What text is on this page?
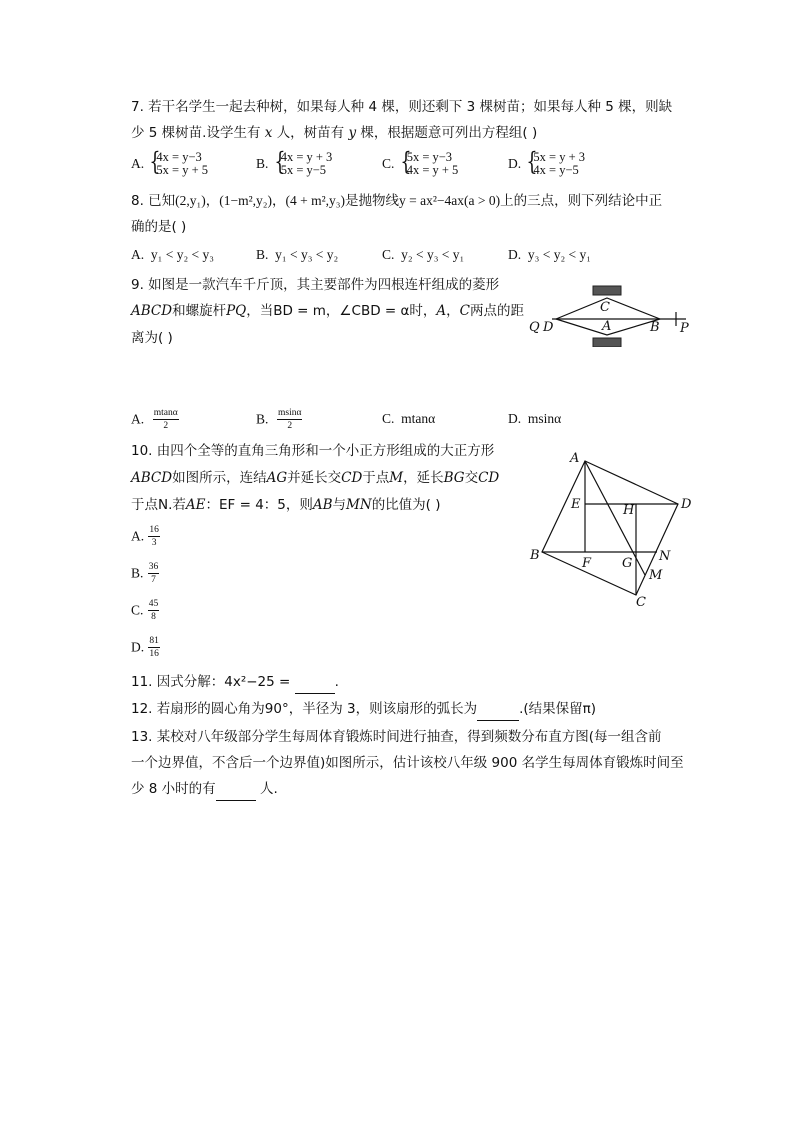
7. 若干名学生一起去种树，如果每人种 4 棵，则还剩下 3 棵树苗；如果每人种 5 棵，则缺
少 5 棵树苗.设学生有 x 人，树苗有 y 棵，根据题意可列出方程组( )
A. { 4x = y−3
5x = y + 5	B. { 4x = y + 3
5x = y−5	C. { 5x = y−3
4x = y + 5	D. { 5x = y + 3
4x = y−5
8. 已知(2,y₁)，(1−m²,y₂)，(4 + m²,y₃)是抛物线y = ax²−4ax(a > 0)上的三点，则下列结论中正
确的是( )
A. y₁ < y₂ < y₃	B. y₁ < y₃ < y₂	C. y₂ < y₃ < y₁	D. y₃ < y₂ < y₁
9. 如图是一款汽车千斤顶，其主要部件为四根连杆组成的菱形
ABCD和螺旋杆PQ，当BD = m，∠CBD = α时，A，C两点的距
离为( )
C
A	B
D
Q	P
A. $\frac{mtan\alpha}{2}$	B. $\frac{msin\alpha}{2}$	C. mtanα	D. msinα
10. 由四个全等的直角三角形和一个小正方形组成的大正方形
ABCD如图所示，连结AG并延长交CD于点M，延长BG交CD
于点N.若AE：EF = 4：5，则AB与MN的比值为( )
A. $\frac{16}{3}$
B. $\frac{36}{7}$
C. $\frac{45}{8}$
D. $\frac{81}{16}$
A
E	D
H
B
F G N
M
C
11. 因式分解：4x²−25 =	.
12. 若扇形的圆心角为90°，半径为 3，则该扇形的弧长为	.(结果保留π)
13. 某校对八年级部分学生每周体育锻炼时间进行抽查，得到频数分布直方图(每一组含前
一个边界值，不含后一个边界值)如图所示，估计该校八年级 900 名学生每周体育锻炼时间至
少 8 小时的有	人.
